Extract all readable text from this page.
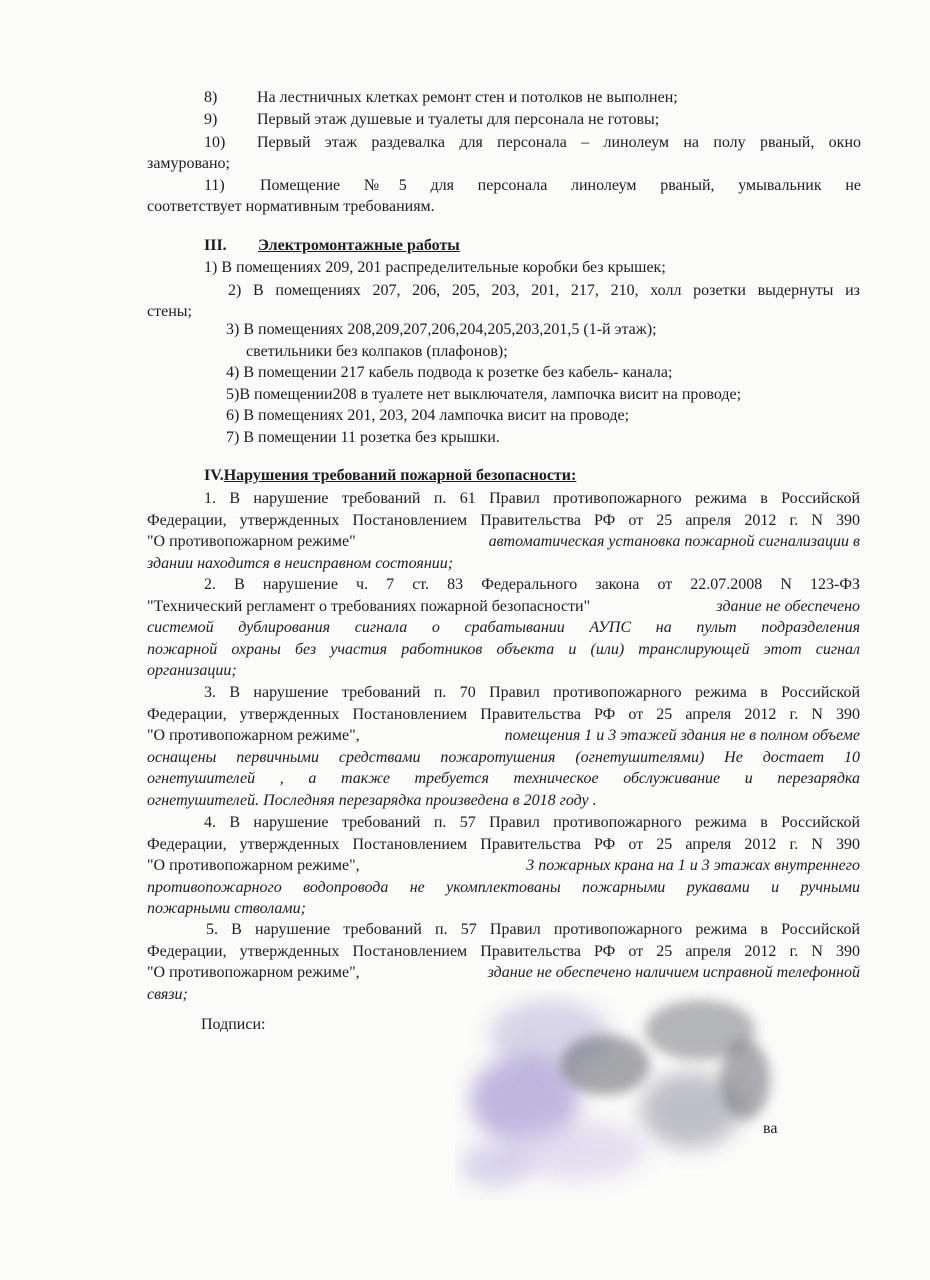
8) На лестничных клетках ремонт стен и потолков не выполнен;
9) Первый этаж душевые и туалеты для персонала не готовы;
10) Первый этаж раздевалка для персонала – линолеум на полу рваный, окно
замуровано;
11) Помещение №5 для персонала линолеум рваный, умывальник не
соответствует нормативным требованиям.
III. Электромонтажные работы
1) В помещениях 209, 201 распределительные коробки без крышек;
2) В помещениях 207, 206, 205, 203, 201, 217, 210, холл розетки выдернуты из
стены;
3) В помещениях 208,209,207,206,204,205,203,201,5 (1-й этаж);
светильники без колпаков (плафонов);
4) В помещении 217 кабель подвода к розетке без кабель- канала;
5)В помещении208 в туалете нет выключателя, лампочка висит на проводе;
6) В помещениях 201, 203, 204 лампочка висит на проводе;
7) В помещении 11 розетка без крышки.
IV.Нарушения требований пожарной безопасности:
1. В нарушение требований п. 61 Правил противопожарного режима в Российской
Федерации, утвержденных Постановлением Правительства РФ от 25 апреля 2012 г. N 390
"О противопожарном режиме"	автоматическая установка пожарной сигнализации в
здании находится в неисправном состоянии;
2. В нарушение ч. 7 ст. 83 Федерального закона от 22.07.2008 N 123-ФЗ
"Технический регламент о требованиях пожарной безопасности"	здание не обеспечено
системой дублирования сигнала о срабатывании АУПС на пульт подразделения
пожарной охраны без участия работников объекта и (или) транслирующей этот сигнал
организации;
3. В нарушение требований п. 70 Правил противопожарного режима в Российской
Федерации, утвержденных Постановлением Правительства РФ от 25 апреля 2012 г. N 390
"О противопожарном режиме",	помещения 1 и 3 этажей здания не в полном объеме
оснащены первичными средствами пожаротушения (огнетушителями) Не достает 10
огнетушителей , а также требуется техническое обслуживание и перезарядка
огнетушителей. Последняя перезарядка произведена в 2018 году .
4. В нарушение требований п. 57 Правил противопожарного режима в Российской
Федерации, утвержденных Постановлением Правительства РФ от 25 апреля 2012 г. N 390
"О противопожарном режиме",	3 пожарных крана на 1 и 3 этажах внутреннего
противопожарного водопровода не укомплектованы пожарными рукавами и ручными
пожарными стволами;
5. В нарушение требований п. 57 Правил противопожарного режима в Российской
Федерации, утвержденных Постановлением Правительства РФ от 25 апреля 2012 г. N 390
"О противопожарном режиме",	здание не обеспечено наличием исправной телефонной
связи;
Подписи:
ва
